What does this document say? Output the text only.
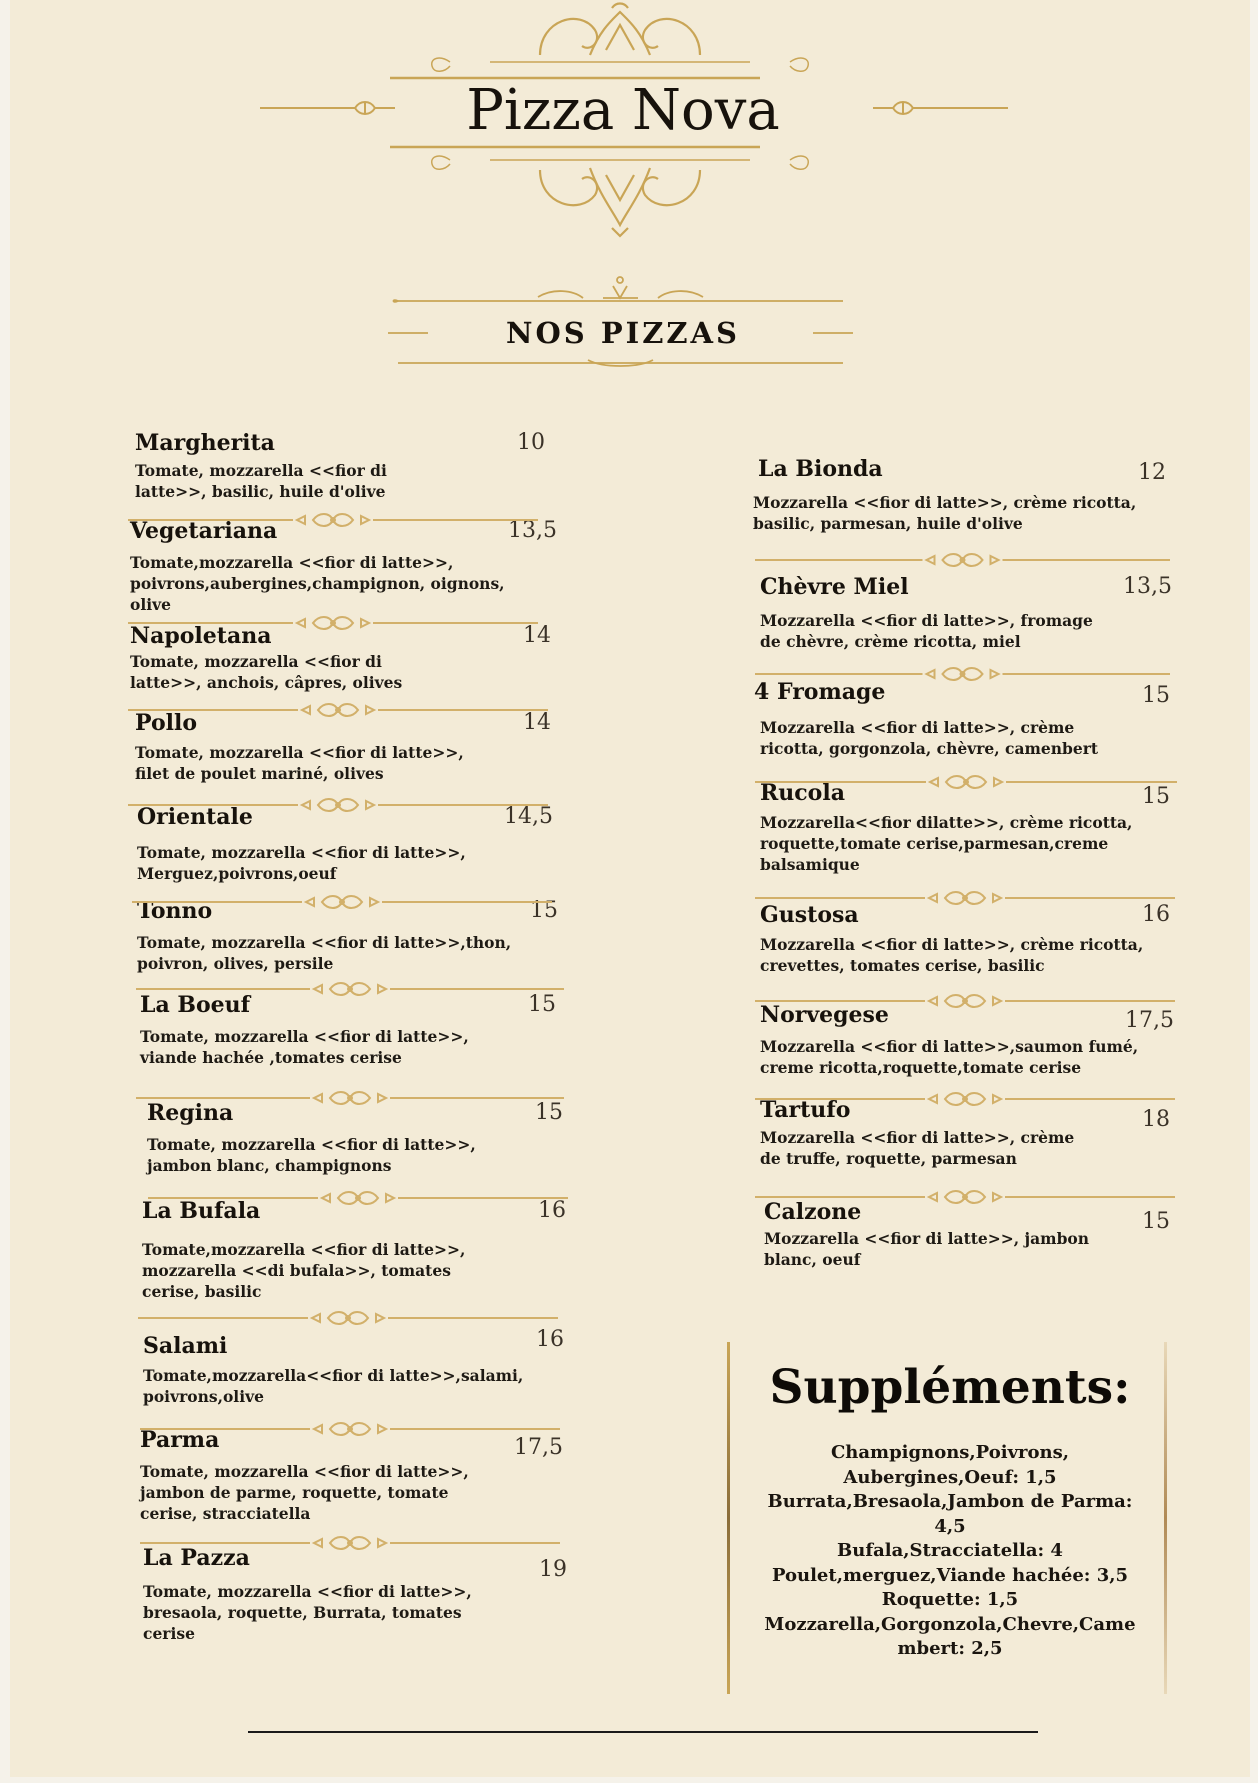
Pizza Nova
NOS PIZZAS
Margherita	10
Tomate, mozzarella <<fior di
latte>>, basilic, huile d'olive
Vegetariana	13,5
Tomate,mozzarella <<fior di latte>>,
poivrons,aubergines,champignon, oignons,
olive
Napoletana	14
Tomate, mozzarella <<fior di
latte>>, anchois, câpres, olives
Pollo	14
Tomate, mozzarella <<fior di latte>>,
filet de poulet mariné, olives
Orientale	14,5
Tomate, mozzarella <<fior di latte>>,
Merguez,poivrons,oeuf
Tonno	15
Tomate, mozzarella <<fior di latte>>,thon,
poivron, olives, persile
La Boeuf	15
Tomate, mozzarella <<fior di latte>>,
viande hachée ,tomates cerise
Regina	15
Tomate, mozzarella <<fior di latte>>,
jambon blanc, champignons
La Bufala	16
Tomate,mozzarella <<fior di latte>>,
mozzarella <<di bufala>>, tomates
cerise, basilic
Salami	16
Tomate,mozzarella<<fior di latte>>,salami,
poivrons,olive
Parma	17,5
Tomate, mozzarella <<fior di latte>>,
jambon de parme, roquette, tomate
cerise, stracciatella
La Pazza	19
Tomate, mozzarella <<fior di latte>>,
bresaola, roquette, Burrata, tomates
cerise
La Bionda	12
Mozzarella <<fior di latte>>, crème ricotta,
basilic, parmesan, huile d'olive
Chèvre Miel	13,5
Mozzarella <<fior di latte>>, fromage
de chèvre, crème ricotta, miel
4 Fromage	15
Mozzarella <<fior di latte>>, crème
ricotta, gorgonzola, chèvre, camenbert
Rucola	15
Mozzarella<<fior dilatte>>, crème ricotta,
roquette,tomate cerise,parmesan,creme
balsamique
Gustosa	16
Mozzarella <<fior di latte>>, crème ricotta,
crevettes, tomates cerise, basilic
Norvegese	17,5
Mozzarella <<fior di latte>>,saumon fumé,
creme ricotta,roquette,tomate cerise
Tartufo	18
Mozzarella <<fior di latte>>, crème
de truffe, roquette, parmesan
Calzone	15
Mozzarella <<fior di latte>>, jambon
blanc, oeuf
Suppléments:
Champignons,Poivrons,
Aubergines,Oeuf: 1,5
Burrata,Bresaola,Jambon de Parma:
4,5
Bufala,Stracciatella: 4
Poulet,merguez,Viande hachée: 3,5
Roquette: 1,5
Mozzarella,Gorgonzola,Chevre,Came
mbert: 2,5
